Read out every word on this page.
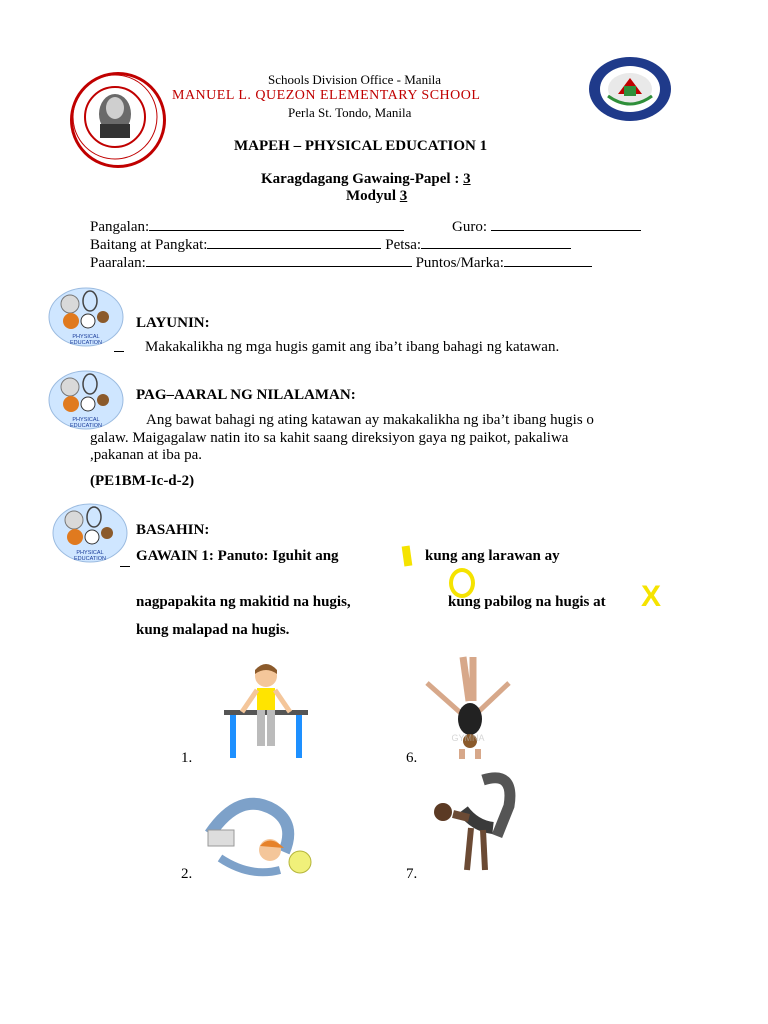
Schools Division Office - Manila
MANUEL L. QUEZON ELEMENTARY SCHOOL
Perla St. Tondo, Manila
MAPEH – PHYSICAL EDUCATION 1
Karagdagang Gawaing-Papel : 3
Modyul 3
Pangalan:	Guro:
Baitang at Pangkat:	Petsa:
Paaralan:	Puntos/Marka:
PHYSICAL
EDUCATION
PHYSICAL
EDUCATION
PHYSICAL
EDUCATION
LAYUNIN:
Makakalikha ng mga hugis gamit ang iba’t ibang bahagi ng katawan.
PAG–AARAL NG NILALAMAN:
Ang bawat bahagi ng ating katawan ay makakalikha ng iba’t ibang hugis o
galaw. Maigagalaw natin ito sa kahit saang direksiyon gaya ng paikot, pakaliwa
,pakanan at iba pa.
(PE1BM-Ic-d-2)
BASAHIN:
GAWAIN 1: Panuto: Iguhit ang	kung ang larawan ay
nagpapakita ng makitid na hugis,	kung pabilog na hugis at X
kung malapad na hugis.
1.	6.
GYMNA
2.	7.
